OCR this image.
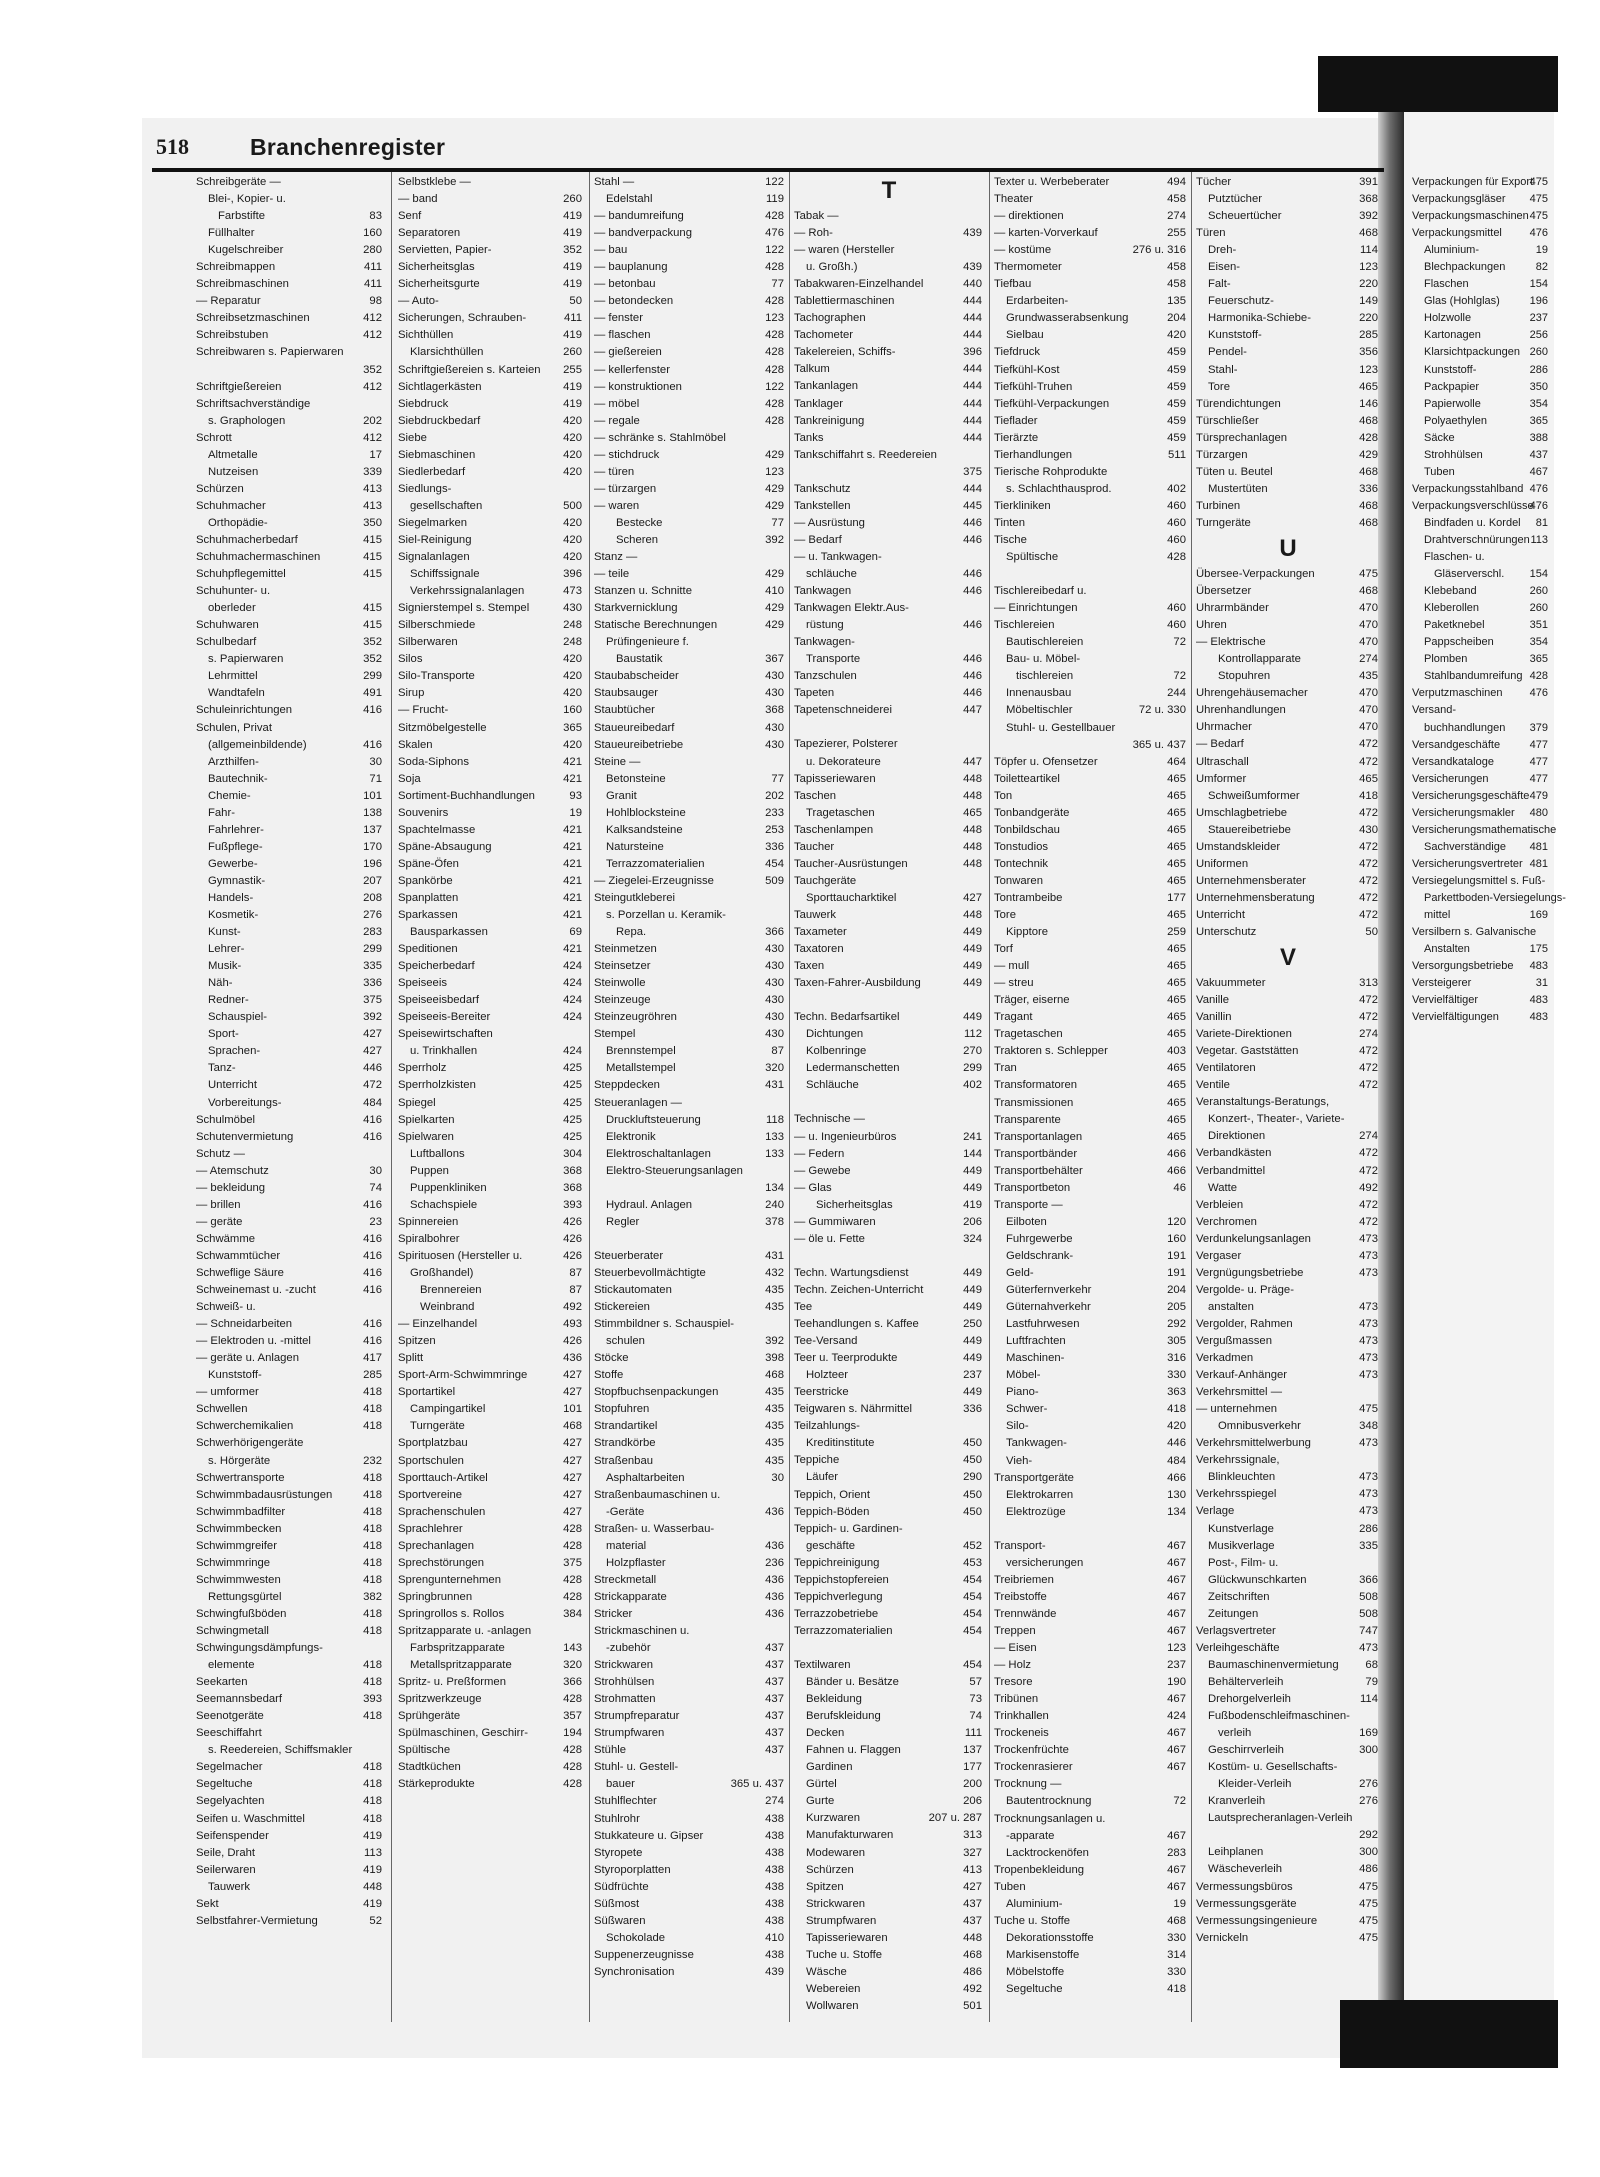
518	Branchenregister
Schreibgeräte —
Blei-, Kopier- u.
Farbstifte	83
Füllhalter	160
Kugelschreiber	280
Schreibmappen	411
Schreibmaschinen	411
— Reparatur	98
Schreibsetzmaschinen	412
Schreibstuben	412
Schreibwaren s. Papierwaren
352
Schriftgießereien	412
Schriftsachverständige
s. Graphologen	202
Schrott	412
Altmetalle	17
Nutzeisen	339
Schürzen	413
Schuhmacher	413
Orthopädie-	350
Schuhmacherbedarf	415
Schuhmachermaschinen	415
Schuhpflegemittel	415
Schuhunter- u.
oberleder	415
Schuhwaren	415
Schulbedarf	352
s. Papierwaren	352
Lehrmittel	299
Wandtafeln	491
Schuleinrichtungen	416
Schulen, Privat
(allgemeinbildende)	416
Arzthilfen-	30
Bautechnik-	71
Chemie-	101
Fahr-	138
Fahrlehrer-	137
Fußpflege-	170
Gewerbe-	196
Gymnastik-	207
Handels-	208
Kosmetik-	276
Kunst-	283
Lehrer-	299
Musik-	335
Näh-	336
Redner-	375
Schauspiel-	392
Sport-	427
Sprachen-	427
Tanz-	446
Unterricht	472
Vorbereitungs-	484
Schulmöbel	416
Schutenvermietung	416
Schutz —
— Atemschutz	30
— bekleidung	74
— brillen	416
— geräte	23
Schwämme	416
Schwammtücher	416
Schwefligе Säure	416
Schweinemast u. -zucht	416
Schweiß- u.
— Schneidarbeiten	416
— Elektroden u. -mittel	416
— geräte u. Anlagen	417
Kunststoff-	285
— umformer	418
Schwellen	418
Schwerchemikalien	418
Schwerhörigengeräte
s. Hörgeräte	232
Schwertransporte	418
Schwimmbadausrüstungen	418
Schwimmbadfilter	418
Schwimmbecken	418
Schwimmgreifer	418
Schwimmringe	418
Schwimmwesten	418
Rettungsgürtel	382
Schwingfußböden	418
Schwingmetall	418
Schwingungsdämpfungs-
elemente	418
Seekarten	418
Seemannsbedarf	393
Seenotgeräte	418
Seeschiffahrt
s. Reedereien, Schiffsmakler
Segelmacher	418
Segeltuche	418
Segelyachten	418
Seifen u. Waschmittel	418
Seifenspender	419
Seile, Draht	113
Seilerwaren	419
Tauwerk	448
Sekt	419
Selbstfahrer-Vermietung	52
Selbstklebe —
— band	260
Senf	419
Separatoren	419
Servietten, Papier-	352
Sicherheitsglas	419
Sicherheitsgurte	419
— Auto-	50
Sicherungen, Schrauben-	411
Sichthüllen	419
Klarsichthüllen	260
Schriftgießereien s. Karteien 255
Sichtlagerkästen	419
Siebdruck	419
Siebdruckbedarf	420
Siebe	420
Siebmaschinen	420
Siedlerbedarf	420
Siedlungs-
gesellschaften	500
Siegelmarken	420
Siel-Reinigung	420
Signalanlagen	420
Schiffssignale	396
Verkehrssignalanlagen	473
Signierstempel s. Stempel	430
Silberschmiede	248
Silberwaren	248
Silos	420
Silo-Transporte	420
Sirup	420
— Frucht-	160
Sitzmöbelgestelle	365
Skalen	420
Soda-Siphons	421
Soja	421
Sortiment-Buchhandlungen	93
Souvenirs	19
Spachtelmasse	421
Späne-Absaugung	421
Späne-Öfen	421
Spankörbe	421
Spanplatten	421
Sparkassen	421
Bausparkassen	69
Speditionen	421
Speicherbedarf	424
Speiseeis	424
Speiseeisbedarf	424
Speiseeis-Bereiter	424
Speisewirtschaften
u. Trinkhallen	424
Sperrholz	425
Sperrholzkisten	425
Spiegel	425
Spielkarten	425
Spielwaren	425
Luftballons	304
Puppen	368
Puppenkliniken	368
Schachspiele	393
Spinnereien	426
Spiralbohrer	426
Spirituosen (Hersteller u.	426
Großhandel)	87
Brennereien	87
Weinbrand	492
— Einzelhandel	493
Spitzen	426
Splitt	436
Sport-Arm-Schwimmringe	427
Sportartikel	427
Campingartikel	101
Turngeräte	468
Sportplatzbau	427
Sportschulen	427
Sporttauch-Artikel	427
Sportvereine	427
Sprachenschulen	427
Sprachlehrer	428
Sprechanlagen	428
Sprechstörungen	375
Sprengunternehmen	428
Springbrunnen	428
Springrollos s. Rollos	384
Spritzapparate u. -anlagen
Farbspritzapparate	143
Metallspritzapparate	320
Spritz- u. Preßformen	366
Spritzwerkzeuge	428
Sprühgeräte	357
Spülmaschinen, Geschirr-	194
Spültische	428
Stadtküchen	428
Stärkeprodukte	428
Stahl —	122
Edelstahl	119
— bandumreifung	428
— bandverpackung	476
— bau	122
— bauplanung	428
— betonbau	77
— betondecken	428
— fenster	123
— flaschen	428
— gießereien	428
— kellerfenster	428
— konstruktionen	122
— möbel	428
— regale	428
— schränke s. Stahlmöbel
— stichdruck	429
— türen	123
— türzargen	429
— waren	429
Bestecke	77
Scheren	392
Stanz —
— teile	429
Stanzen u. Schnitte	410
Starkverniсklung	429
Statische Berechnungen	429
Prüfingenieure f.
Baustatik	367
Staubabscheider	430
Staubsauger	430
Staubtücher	368
Staueureibedarf	430
Staueureibetriebe	430
Steine —
Betonsteine	77
Granit	202
Hohlblocksteine	233
Kalksandsteine	253
Natursteine	336
Terrazzomaterialien	454
— Ziegelei-Erzeugnisse	509
Steingutkleberei
s. Porzellan u. Keramik-
Repa.	366
Steinmetzen	430
Steinsetzer	430
Steinwolle	430
Steinzeuge	430
Steinzeugröhren	430
Stempel	430
Brennstempel	87
Metallstempel	320
Steppdecken	431
Steueranlagen —
Druckluftsteuerung	118
Elektronik	133
Elektroschaltanlagen	133
Elektro-Steuerungsanlagen
134
Hydraul. Anlagen	240
Regler	378
Steuerberater	431
Steuerbevollmächtigte	432
Stickautomaten	435
Stickereien	435
Stimmbildner s. Schauspiel-
schulen	392
Stöcke	398
Stoffe	468
Stopfbuchsenpackungen	435
Stopfuhren	435
Strandartikel	435
Strandkörbe	435
Straßenbau	435
Asphaltarbeiten	30
Straßenbaumaschinen u.
-Geräte	436
Straßen- u. Wasserbau-
material	436
Holzpflaster	236
Streckmetall	436
Strickapparate	436
Stricker	436
Strickmaschinen u.
-zubehör	437
Strickwaren	437
Strohhülsen	437
Strohmatten	437
Strumpfreparatur	437
Strumpfwaren	437
Stühle	437
Stuhl- u. Gestell-
bauer	365 u. 437
Stuhlflechter	274
Stuhlrohr	438
Stukkateure u. Gipser	438
Styropete	438
Styroporplatten	438
Südfrüchte	438
Süßmost	438
Süßwaren	438
Schokolade	410
Suppenerzeugnisse	438
Synchronisation	439
T
Tabak —
— Roh-	439
— waren (Hersteller
u. Großh.)	439
Tabakwaren-Einzelhandel	440
Tablettiermaschinen	444
Tachographen	444
Tachometer	444
Takelereien, Schiffs-	396
Talkum	444
Tankanlagen	444
Tanklager	444
Tankreinigung	444
Tanks	444
Tankschiffahrt s. Reedereien
375
Tankschutz	444
Tankstellen	445
— Ausrüstung	446
— Bedarf	446
— u. Tankwagen-
schläuche	446
Tankwagen	446
Tankwagen Elektr.Aus-
rüstung	446
Tankwagen-
Transporte	446
Tanzschulen	446
Tapeten	446
Tapetenschneiderei	447
Tapezierer, Polsterer
u. Dekorateure	447
Tapisseriewaren	448
Taschen	448
Tragetaschen	465
Taschenlampen	448
Taucher	448
Taucher-Ausrüstungen	448
Tauchgeräte
Sporttaucharktikel	427
Tauwerk	448
Taxameter	449
Taxatoren	449
Taxen	449
Taxen-Fahrer-Ausbildung	449
Techn. Bedarfsartikel	449
Dichtungen	112
Kolbenringe	270
Ledermanschetten	299
Schläuche	402
Technische —
— u. Ingenieurbüros	241
— Federn	144
— Gewebe	449
— Glas	449
Sicherheitsglas	419
— Gummiwaren	206
— öle u. Fette	324
Techn. Wartungsdienst	449
Techn. Zeichen-Unterricht	449
Tee	449
Teehandlungen s. Kaffee	250
Tee-Versand	449
Teer u. Teerprodukte	449
Holzteer	237
Teerstricke	449
Teigwaren s. Nährmittel	336
Teilzahlungs-
Kreditinstitute	450
Teppiche	450
Läufer	290
Teppich, Orient	450
Teppich-Böden	450
Teppich- u. Gardinen-
geschäfte	452
Teppichreinigung	453
Teppichstopfereien	454
Teppichverlegung	454
Terrazzobetriebe	454
Terrazzomaterialien	454
Textilwaren	454
Bänder u. Besätze	57
Bekleidung	73
Berufskleidung	74
Decken	111
Fahnen u. Flaggen	137
Gardinen	177
Gürtel	200
Gurte	206
Kurzwaren	207 u. 287
Manufakturwaren	313
Modewaren	327
Schürzen	413
Spitzen	427
Strickwaren	437
Strumpfwaren	437
Tapisseriewaren	448
Tuche u. Stoffe	468
Wäsche	486
Webereien	492
Wollwaren	501
Texter u. Werbeberater	494
Theater	458
— direktionen	274
— karten-Vorverkauf	255
— kostüme	276 u. 316
Thermometer	458
Tiefbau	458
Erdarbeiten-	135
Grundwasserabsenkung	204
Sielbau	420
Tiefdruck	459
Tiefkühl-Kost	459
Tiefkühl-Truhen	459
Tiefkühl-Verpackungen	459
Tieflader	459
Tierärzte	459
Tierhandlungen	511
Tierische Rohprodukte
s. Schlachthausprod.	402
Tierkliniken	460
Tinten	460
Tische	460
Spültische	428
Tischlereibedarf u.
— Einrichtungen	460
Tischlereien	460
Bautischlereien	72
Bau- u. Möbel-
tischlereien	72
Innenausbau	244
Möbeltischler	72 u. 330
Stuhl- u. Gestellbauer
365 u. 437
Töpfer u. Ofensetzer	464
Toilettеartikel	465
Ton	465
Tonbandgeräte	465
Tonbildschau	465
Tonstudios	465
Tontechnik	465
Tonwaren	465
Tontrambeibe	177
Tore	465
Kipptore	259
Torf	465
— mull	465
— streu	465
Träger, eiserne	465
Tragant	465
Tragetaschen	465
Traktoren s. Schlepper	403
Tran	465
Transformatoren	465
Transmissionen	465
Transparente	465
Transportanlagen	465
Transportbänder	466
Transportbehälter	466
Transportbeton	46
Transporte —
Eilboten	120
Fuhrgewerbe	160
Geldschrank-	191
Geld-	191
Güterfernverkehr	204
Güternahverkehr	205
Lastfuhrwesen	292
Luftfrachten	305
Maschinen-	316
Möbel-	330
Piano-	363
Schwer-	418
Silo-	420
Tankwagen-	446
Vieh-	484
Transportgeräte	466
Elektrokarren	130
Elektrozüge	134
Transport-	467
versicherungen	467
Treibriemen	467
Treibstoffe	467
Trennwände	467
Treppen	467
— Eisen	123
— Holz	237
Tresore	190
Tribünen	467
Trinkhallen	424
Trockeneis	467
Trockenfrüchte	467
Trockenrasierer	467
Trocknung —
Bautentrocknung	72
Trocknungsanlagen u.
-apparate	467
Lacktrockenöfen	283
Tropenbekleidung	467
Tuben	467
Aluminium-	19
Tuche u. Stoffe	468
Dekorationsstoffe	330
Markisenstoffe	314
Möbelstoffe	330
Segeltuche	418
Tücher	391
Putztücher	368
Scheuertücher	392
Türen	468
Dreh-	114
Eisen-	123
Falt-	220
Feuerschutz-	149
Harmonika-Schiebe-	220
Kunststoff-	285
Pendel-	356
Stahl-	123
Tore	465
Türendichtungen	146
Türschließer	468
Türsprechanlagen	428
Türzargen	429
Tüten u. Beutel	468
Mustertüten	336
Turbinen	468
Turngeräte	468
U
Übersee-Verpackungen	475
Übersetzer	468
Uhrarmbänder	470
Uhren	470
— Elektrische	470
Kontrollapparate	274
Stopuhren	435
Uhrengehäusemacher	470
Uhrenhandlungen	470
Uhrmacher	470
— Bedarf	472
Ultraschall	472
Umformer	465
Schweißumformer	418
Umschlagbetriebe	472
Stauereibetriebe	430
Umstandskleider	472
Uniformen	472
Unternehmensberater	472
Unternehmensberatung	472
Unterricht	472
Unterschutz	50
V
Vakuummeter	313
Vanille	472
Vanillin	472
Variete-Direktionen	274
Vegetar. Gaststätten	472
Ventilatoren	472
Ventile	472
Veranstaltungs-Beratungs,
Konzert-, Theater-, Variete-
Direktionen	274
Verbandkästen	472
Verbandmittel	472
Watte	492
Verbleien	472
Verchromen	472
Verdunkelungsanlagen	473
Vergaser	473
Vergnügungsbetriebe	473
Vergolde- u. Präge-
anstalten	473
Vergolder, Rahmen	473
Vergußmassen	473
Verkadmen	473
Verkauf-Anhänger	473
Verkehrsmittel —
— unternehmen	475
Omnibusverkehr	348
Verkehrsmittelwerbung	473
Verkehrssignale,
Blinkleuchten	473
Verkehrsspiegel	473
Verlage	473
Kunstverlage	286
Musikverlage	335
Post-, Film- u.
Glückwunschkarten	366
Zeitschriften	508
Zeitungen	508
Verlagsvertreter	747
Verleihgeschäfte	473
Baumaschinenvermietung 68
Behälterverleih	79
Drehorgelverleih	114
Fußbodenschleifmaschinen-
verleih	169
Geschirrverleih	300
Kostüm- u. Gesellschafts-
Kleider-Verleih	276
Kranverleih	276
Lautsprecheranlagen-Verleih
292
Leihplanen	300
Wäscheverleih	486
Vermessungsbüros	475
Vermessungsgeräte	475
Vermessungsingenieure	475
Vernickeln	475
Verpackungen für Export
475
Verpackungsgläser 475
Verpackungsmaschinen 475
Verpackungsmittel	476
Aluminium-	19
Blechpackungen	82
Flaschen	154
Glas (Hohlglas)	196
Holzwolle	237
Kartonagen	256
Klarsichtpackungen 260
Kunststoff-	286
Packpapier	350
Papierwolle	354
Polyaethylen	365
Säcke	388
Strohhülsen	437
Tuben	467
Verpackungsstahlband 476
Verpackungsverschlüsse
476
Bindfaden u. Kordel 81
Drahtverschnürungen 113
Flaschen- u.
Gläserverschl. 154
Klebeband	260
Kleberollen	260
Paketknebel	351
Pappscheiben	354
Plomben	365
Stahlbandumreifung 428
Verputzmaschinen 476
Versand-
buchhandlungen 379
Versandgeschäfte	477
Versandkataloge	477
Versicherungen	477
Versicherungsgeschäfte 479
Versicherungsmakler 480
Versicherungsmathematische
Sachverständige 481
Versicherungsvertreter 481
Versiegelungsmittel s. Fuß-
Parkettboden-Versiegelungs-
mittel	169
Versilbern s. Galvanische
Anstalten	175
Versorgungsbetriebe 483
Versteigerer	31
Vervielfältiger	483
Vervielfältigungen	483
